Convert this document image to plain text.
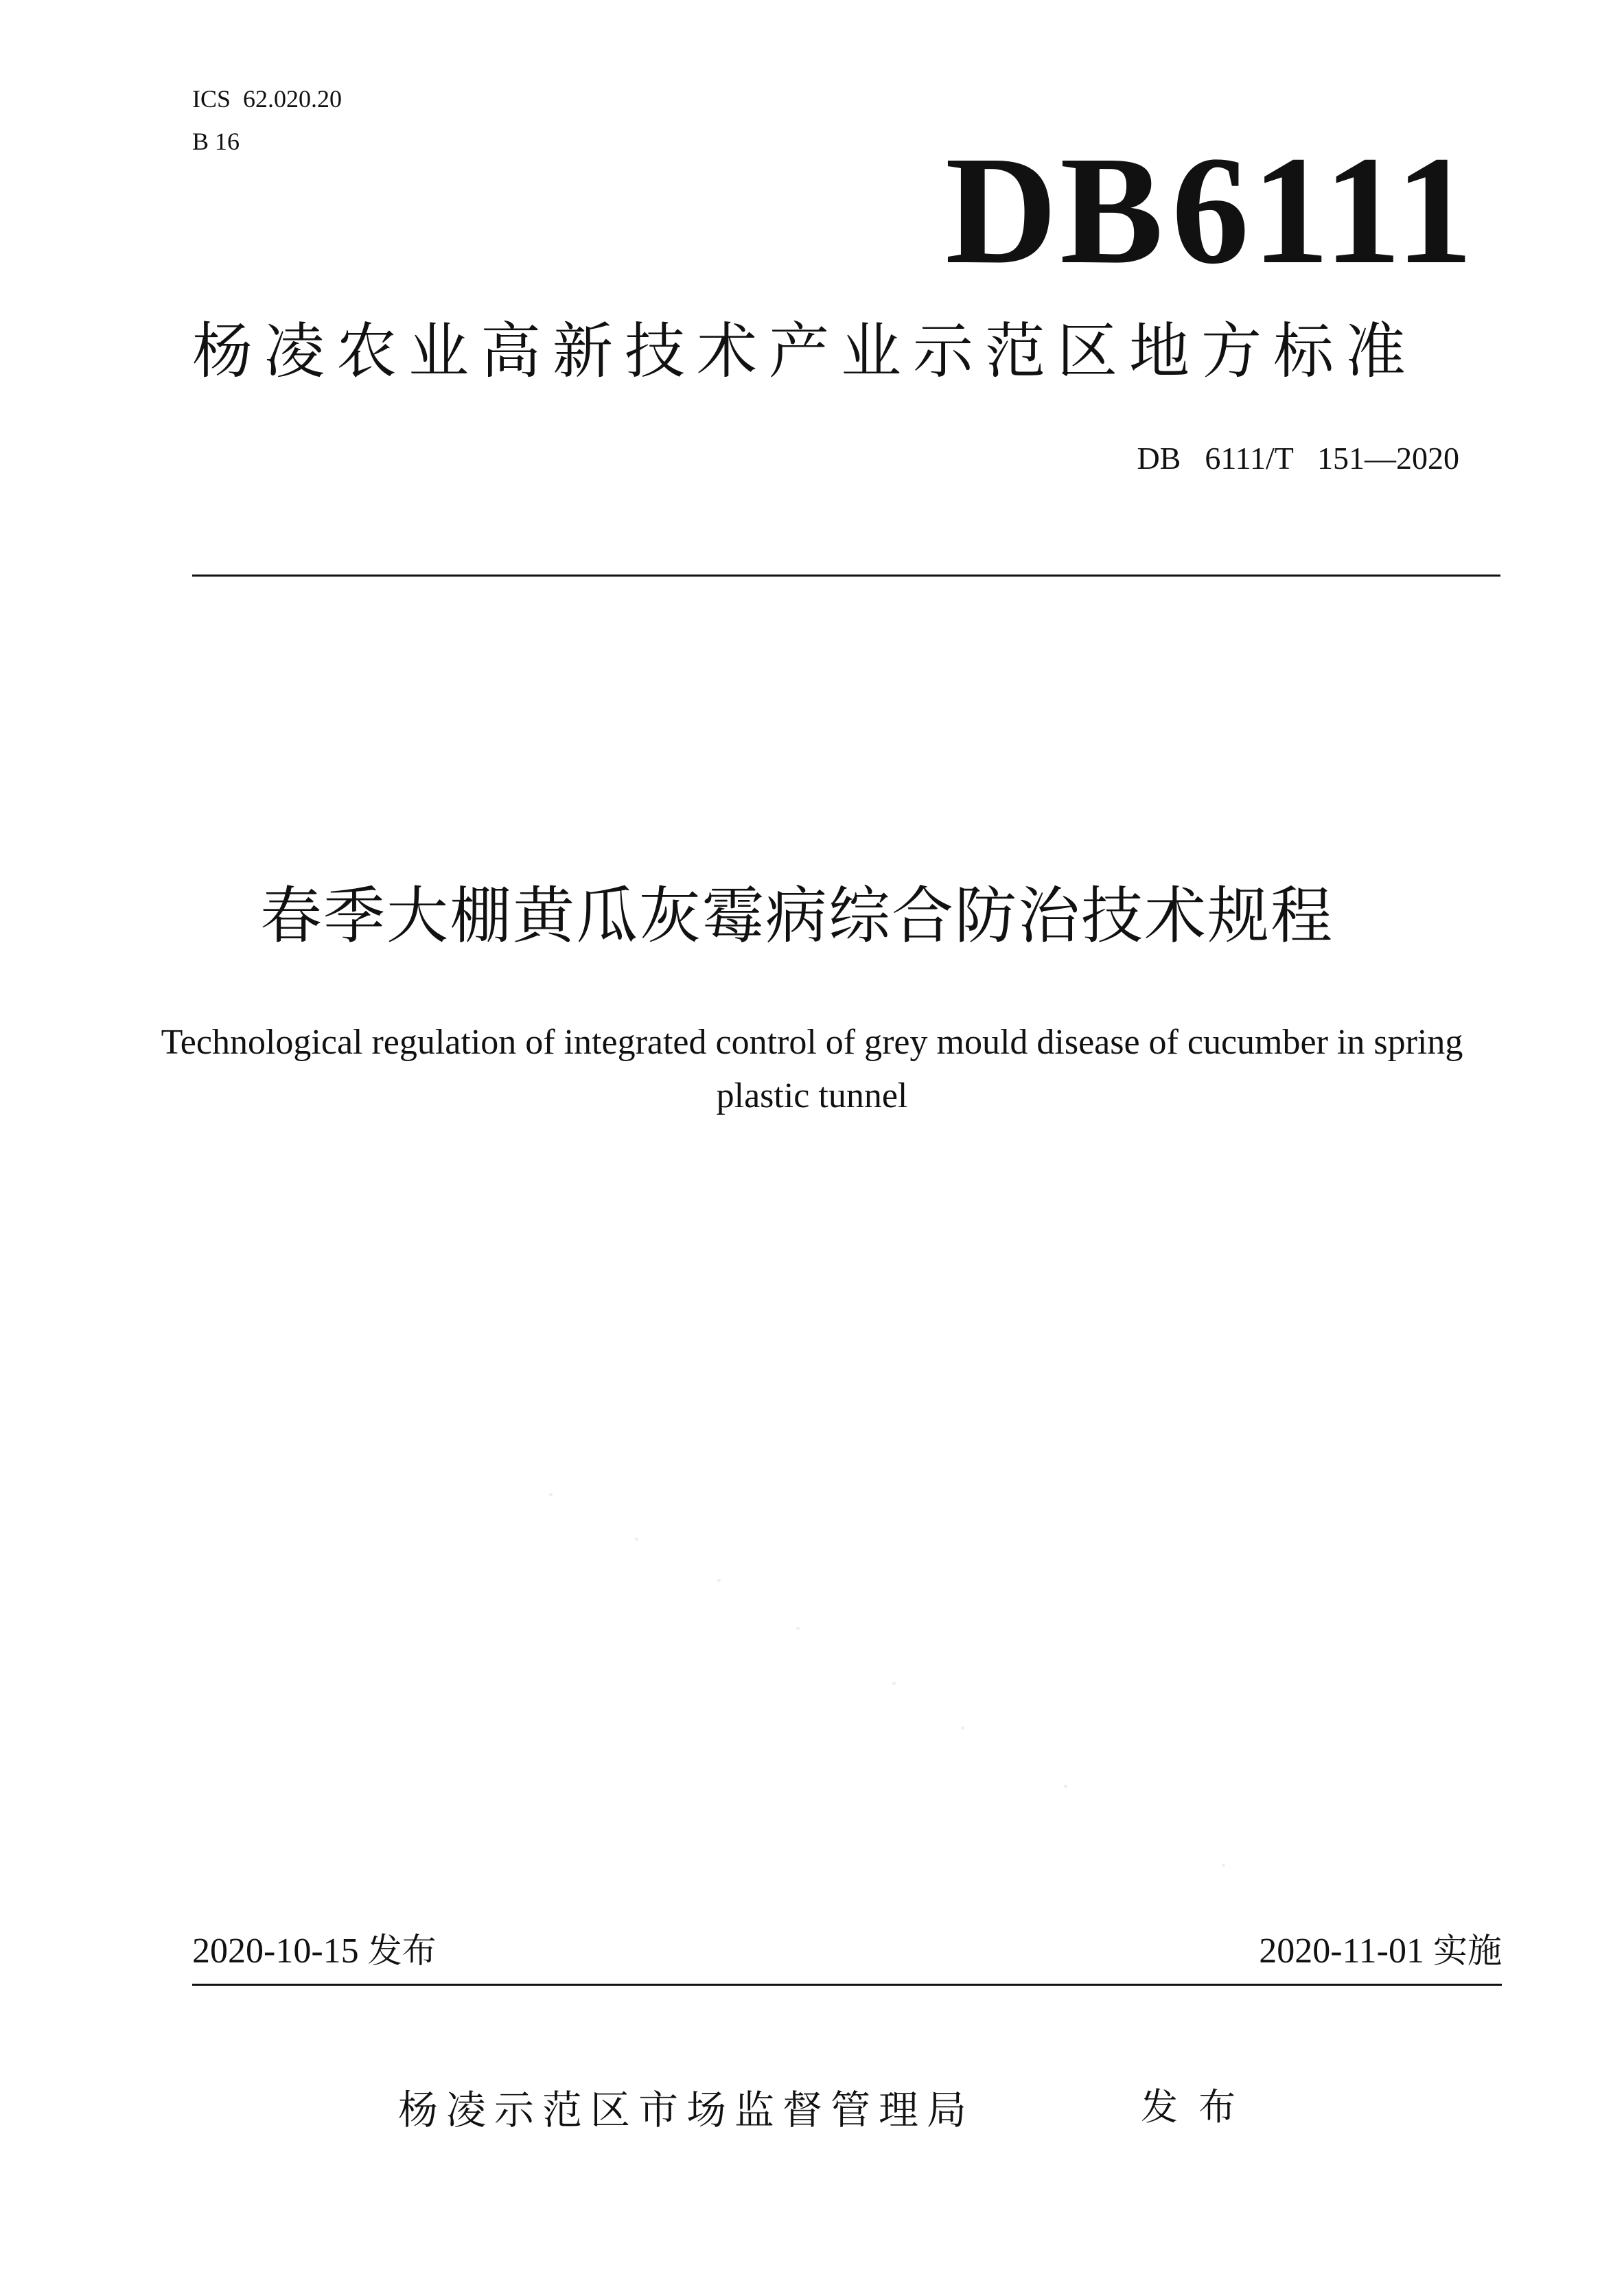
ICS  62.020.20
B 16	DB6111
杨凌农业高新技术产业示范区地方标准
DB  6111/T  151—2020
春季大棚黄瓜灰霉病综合防治技术规程
Technological regulation of integrated control of grey mould disease of cucumber in spring plastic tunnel
2020-10-15 发布	2020-11-01 实施
杨凌示范区市场监督管理局	发布
